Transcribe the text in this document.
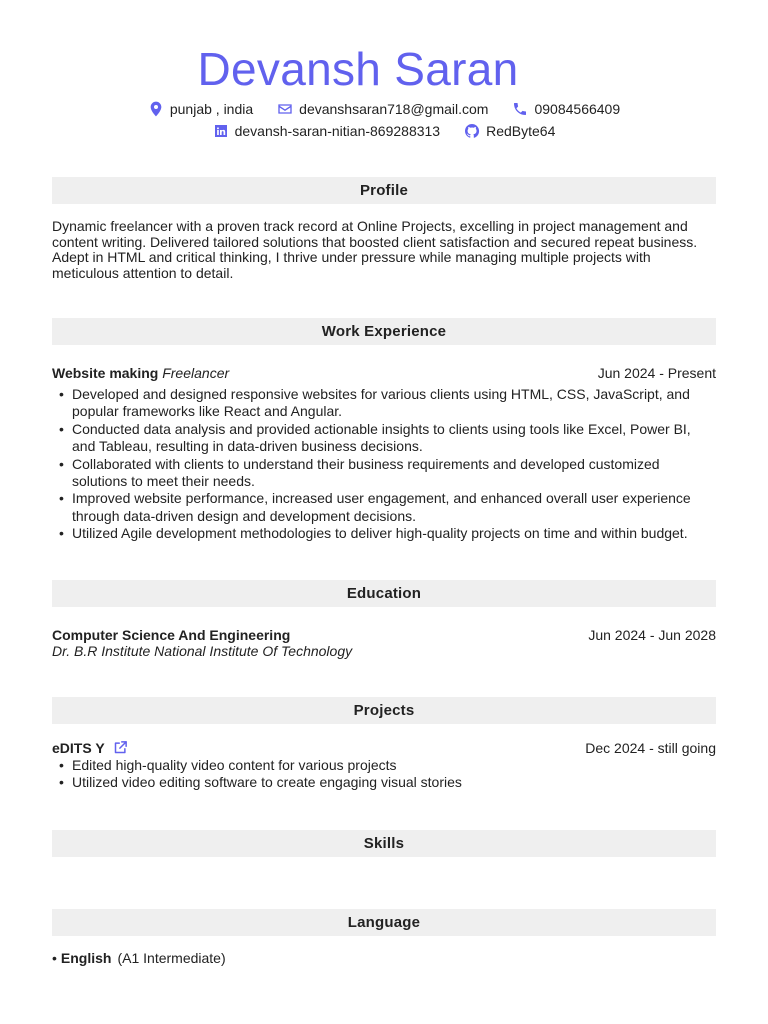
Devansh Saran
punjab , india	devanshsaran718@gmail.com	09084566409
devansh-saran-nitian-869288313	RedByte64
Profile

Dynamic freelancer with a proven track record at Online Projects, excelling in project management and content writing. Delivered tailored solutions that boosted client satisfaction and secured repeat business. Adept in HTML and critical thinking, I thrive under pressure while managing multiple projects with meticulous attention to detail.

Work Experience
Website making Freelancer	Jun 2024 - Present
• Developed and designed responsive websites for various clients using HTML, CSS, JavaScript, and popular frameworks like React and Angular.
• Conducted data analysis and provided actionable insights to clients using tools like Excel, Power BI, and Tableau, resulting in data-driven business decisions.
• Collaborated with clients to understand their business requirements and developed customized solutions to meet their needs.
• Improved website performance, increased user engagement, and enhanced overall user experience through data-driven design and development decisions.
• Utilized Agile development methodologies to deliver high-quality projects on time and within budget.
Education
Computer Science And Engineering	Jun 2024 - Jun 2028
Dr. B.R Institute National Institute Of Technology
Projects
eDITS Y	Dec 2024 - still going
• Edited high-quality video content for various projects
• Utilized video editing software to create engaging visual stories
Skills
Language
• English (A1 Intermediate)
